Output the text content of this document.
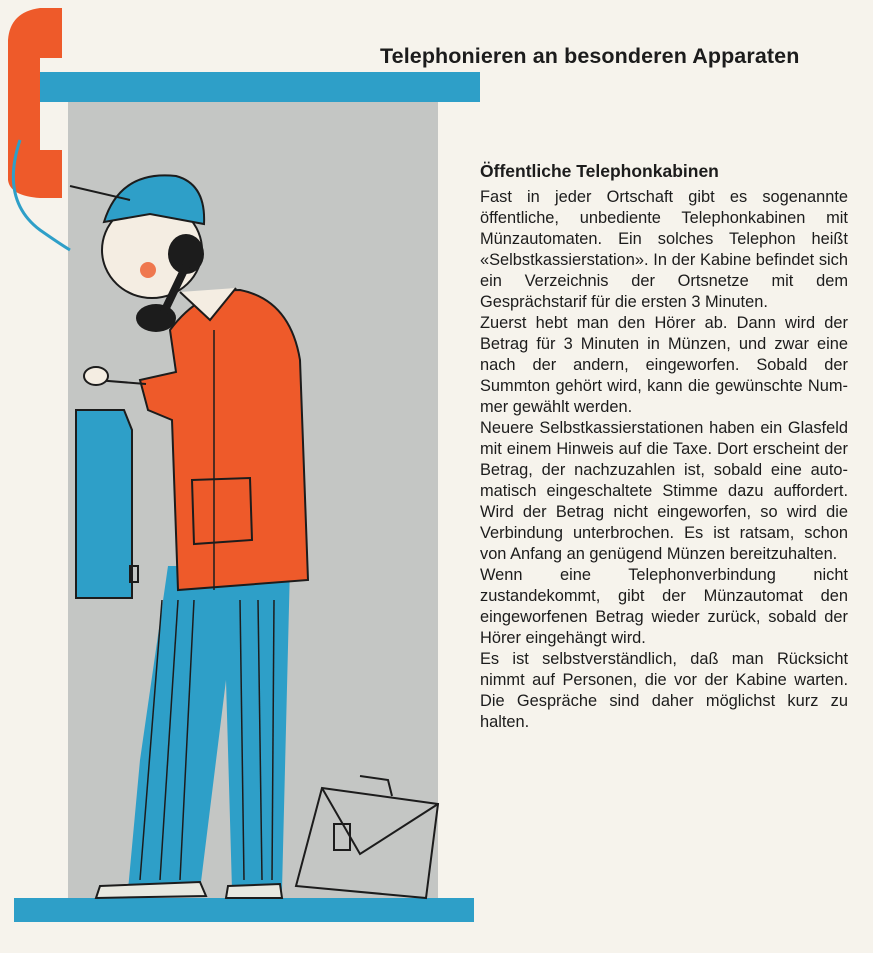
Telephonieren an besonderen Apparaten
Öffentliche Telephonkabinen

Fast in jeder Ortschaft gibt es sogenannte öffentliche, unbediente Telephonkabinen mit Münzautomaten. Ein solches Telephon heißt «Selbstkassierstation». In der Kabine befindet sich ein Verzeichnis der Ortsnetze mit dem Gesprächstarif für die ersten 3 Minuten.

Zuerst hebt man den Hörer ab. Dann wird der Betrag für 3 Minuten in Münzen, und zwar eine nach der andern, eingeworfen. Sobald der Summton gehört wird, kann die gewünschte Nummer gewählt werden.

Neuere Selbstkassierstationen haben ein Glasfeld mit einem Hinweis auf die Taxe. Dort erscheint der Betrag, der nachzuzahlen ist, sobald eine automatisch eingeschaltete Stimme dazu auffordert. Wird der Betrag nicht eingeworfen, so wird die Verbindung unterbrochen. Es ist ratsam, schon von Anfang an genügend Münzen bereitzuhalten.

Wenn eine Telephonverbindung nicht zustandekommt, gibt der Münzautomat den eingeworfenen Betrag wieder zurück, sobald der Hörer eingehängt wird.

Es ist selbstverständlich, daß man Rücksicht nimmt auf Personen, die vor der Kabine warten. Die Gespräche sind daher möglichst kurz zu halten.
